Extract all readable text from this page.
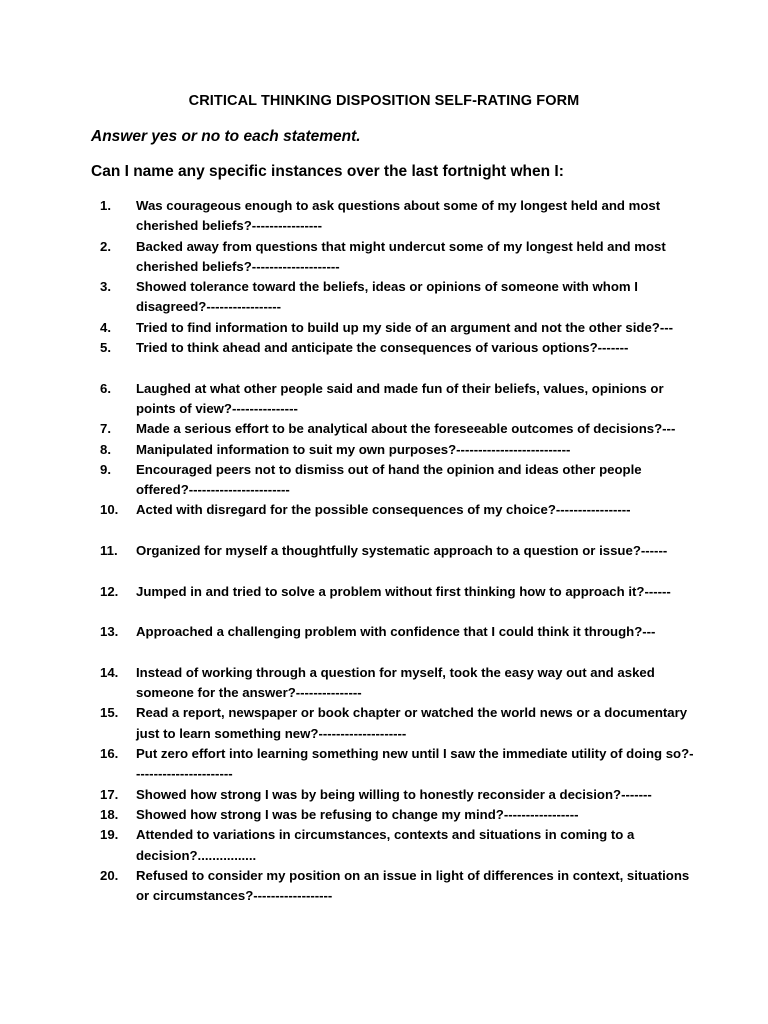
CRITICAL THINKING DISPOSITION SELF-RATING FORM
Answer yes or no to each statement.
Can I name any specific instances over the last fortnight when I:
1.	Was courageous enough to ask questions about some of my longest held and most cherished beliefs?----------------
2.	Backed away from questions that might undercut some of my longest held and most cherished beliefs?--------------------
3.	Showed tolerance toward the beliefs, ideas or opinions of someone with whom I disagreed?-----------------
4.	Tried to find information to build up my side of an argument and not the other side?---
5.	Tried to think ahead and anticipate the consequences of various options?-------
6.	Laughed at what other people said and made fun of their beliefs, values, opinions or points of view?---------------
7.	Made a serious effort to be analytical about the foreseeable outcomes of decisions?---
8.	Manipulated information to suit my own purposes?--------------------------
9.	Encouraged peers not to dismiss out of hand the opinion and ideas other people offered?-----------------------
10.	Acted with disregard for the possible consequences of my choice?-----------------
11.	Organized for myself a thoughtfully systematic approach to a question or issue?------
12.	Jumped in and tried to solve a problem without first thinking how to approach it?------
13.	Approached a challenging problem with confidence that I could think it through?---
14.	Instead of working through a question for myself, took the easy way out and asked someone for the answer?---------------
15.	Read a report, newspaper or book chapter or watched the world news or a documentary just to learn something new?--------------------
16.	Put zero effort into learning something new until I saw the immediate utility of doing so?-----------------------
17.	Showed how strong I was by being willing to honestly reconsider a decision?-------
18.	Showed how strong I was be refusing to change my mind?-----------------
19.	Attended to variations in circumstances, contexts and situations in coming to a decision?................
20.	Refused to consider my position on an issue in light of differences in context, situations or circumstances?------------------
